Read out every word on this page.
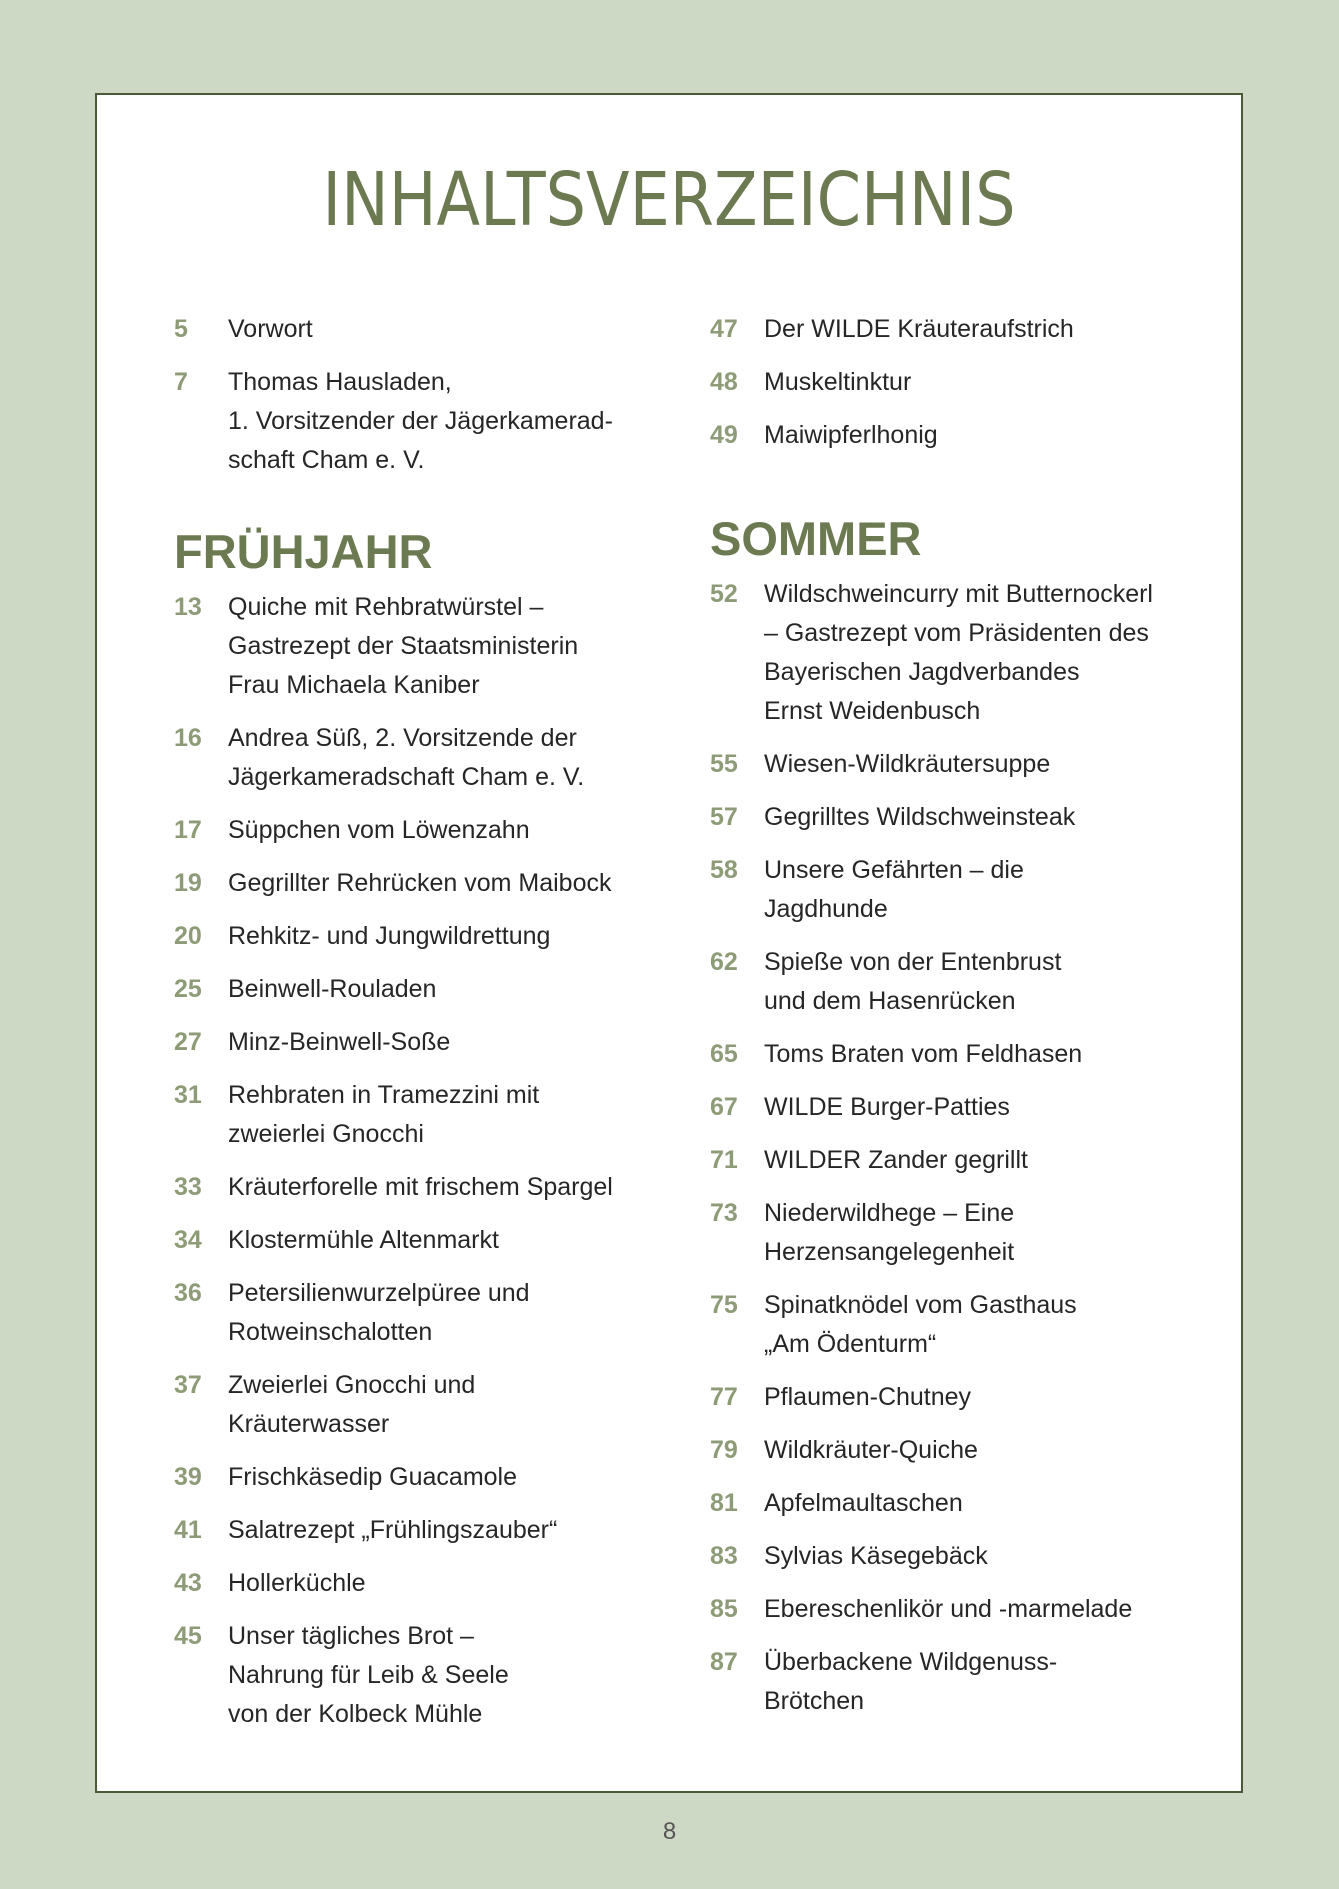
INHALTSVERZEICHNIS
5	Vorwort
7	Thomas Hausladen,
1. Vorsitzender der Jägerkamerad-
schaft Cham e. V.
FRÜHJAHR
13	Quiche mit Rehbratwürstel –
Gastrezept der Staatsministerin
Frau Michaela Kaniber
16	Andrea Süß, 2. Vorsitzende der
Jägerkameradschaft Cham e. V.
17	Süppchen vom Löwenzahn
19	Gegrillter Rehrücken vom Maibock
20	Rehkitz- und Jungwildrettung
25	Beinwell-Rouladen
27	Minz-Beinwell-Soße
31	Rehbraten in Tramezzini mit
zweierlei Gnocchi
33	Kräuterforelle mit frischem Spargel
34	Klostermühle Altenmarkt
36	Petersilienwurzelpüree und
Rotweinschalotten
37	Zweierlei Gnocchi und
Kräuterwasser
39	Frischkäsedip Guacamole
41	Salatrezept „Frühlingszauber“
43	Hollerküchle
45	Unser tägliches Brot –
Nahrung für Leib & Seele
von der Kolbeck Mühle
47	Der WILDE Kräuteraufstrich
48	Muskeltinktur
49	Maiwipferlhonig
SOMMER
52	Wildschweincurry mit Butternockerl
– Gastrezept vom Präsidenten des
Bayerischen Jagdverbandes
Ernst Weidenbusch
55	Wiesen-Wildkräutersuppe
57	Gegrilltes Wildschweinsteak
58	Unsere Gefährten – die
Jagdhunde
62	Spieße von der Entenbrust
und dem Hasenrücken
65	Toms Braten vom Feldhasen
67	WILDE Burger-Patties
71	WILDER Zander gegrillt
73	Niederwildhege – Eine
Herzensangelegenheit
75	Spinatknödel vom Gasthaus
„Am Ödenturm“
77	Pflaumen-Chutney
79	Wildkräuter-Quiche
81	Apfelmaultaschen
83	Sylvias Käsegebäck
85	Ebereschenlikör und -marmelade
87	Überbackene Wildgenuss-
Brötchen
8
